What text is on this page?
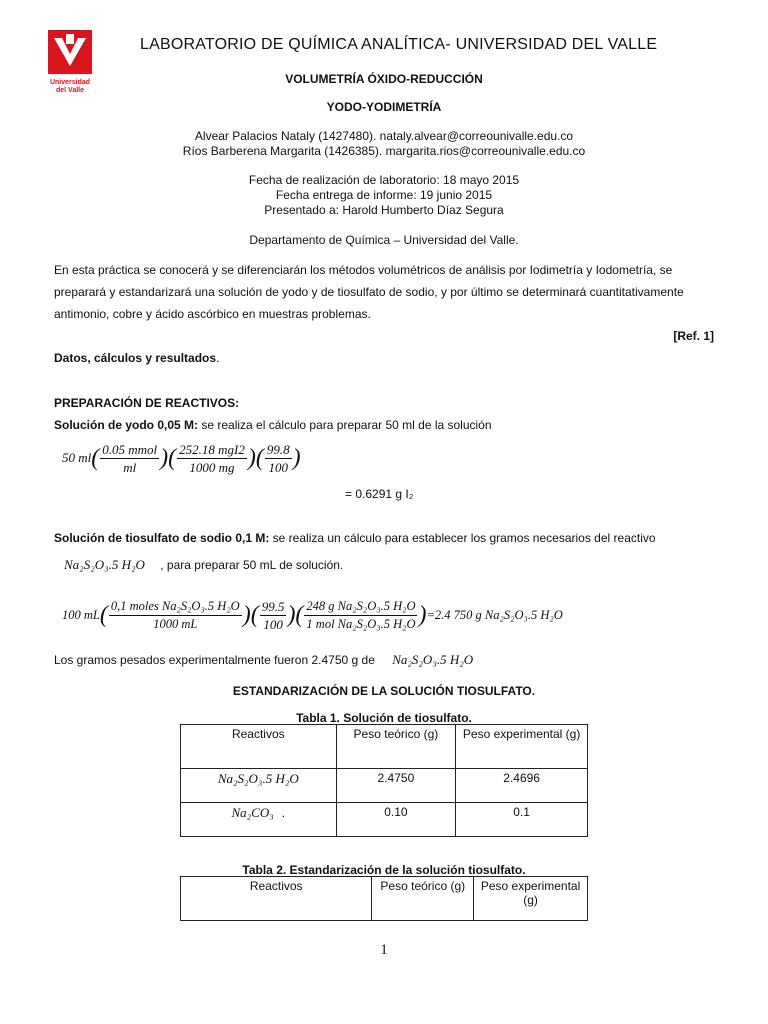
Universidad
del Valle
LABORATORIO DE QUÍMICA ANALÍTICA- UNIVERSIDAD DEL VALLE
VOLUMETRÍA ÓXIDO-REDUCCIÓN
YODO-YODIMETRÍA
Alvear Palacios Nataly (1427480). nataly.alvear@correounivalle.edu.co
Ríos Barberena Margarita (1426385). margarita.rios@correounivalle.edu.co
Fecha de realización de laboratorio: 18 mayo 2015
Fecha entrega de informe: 19 junio 2015
Presentado a: Harold Humberto Díaz Segura
Departamento de Química – Universidad del Valle.
En esta práctica se conocerá y se diferenciarán los métodos volumétricos de análisis por Iodimetría y Iodometría, se
preparará y estandarizará una solución de yodo y de tiosulfato de sodio, y por último se determinará cuantitativamente
antimonio, cobre y ácido ascórbico en muestras problemas.
[Ref. 1]
Datos, cálculos y resultados.
PREPARACIÓN DE REACTIVOS:
Solución de yodo 0,05 M: se realiza el cálculo para preparar 50 ml de la solución
50 ml ( $\frac{\text{0.05 mmol}}{ml}$ )( $\frac{\text{252.18 mgI2}}{1000 mg}$ )( $\frac{99.8}{100}$ )
= 0.6291 g I₂
Solución de tiosulfato de sodio 0,1 M: se realiza un cálculo para establecer los gramos necesarios del reactivo
Na₂S₂O₃.5 H₂O , para preparar 50 mL de solución.
100 mL ( $\frac{\text{0,1 moles Na₂S₂O₃.5 H₂O}}{1000 mL}$ )( $\frac{99.5}{100}$ )( $\frac{\text{248 g Na₂S₂O₃.5 H₂O}}{\text{1 mol Na₂S₂O₃.5 H₂O}}$ ) =2.4 750 g Na₂S₂O₃.5 H₂O
Los gramos pesados experimentalmente fueron 2.4750 g de Na₂S₂O₃.5 H₂O
ESTANDARIZACIÓN DE LA SOLUCIÓN TIOSULFATO.
Tabla 1. Solución de tiosulfato.
Reactivos	Peso teórico (g)	Peso experimental (g)
Na₂S₂O₃.5 H₂O	2.4750	2.4696
Na₂CO₃ .	0.10	0.1
Tabla 2. Estandarización de la solución tiosulfato.
Reactivos	Peso teórico (g)	Peso experimental (g)
1
